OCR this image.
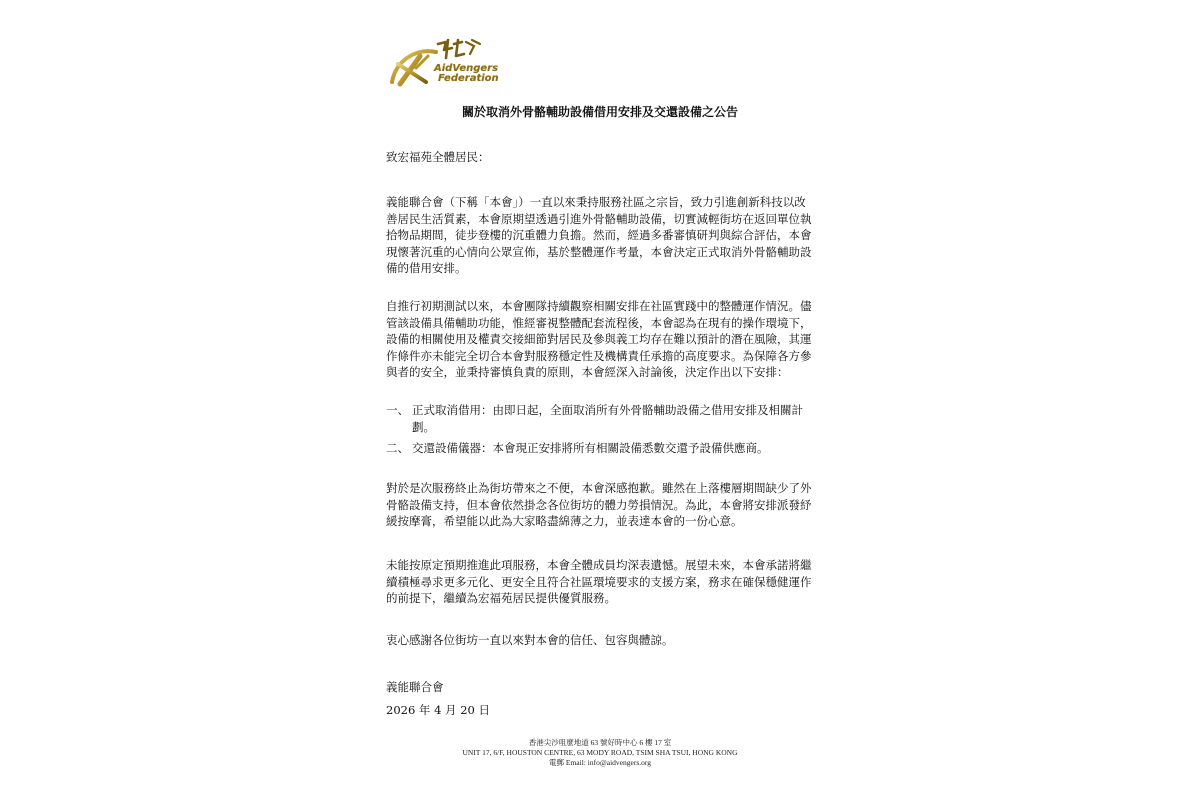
AidVengers
Federation
關於取消外骨骼輔助設備借用安排及交還設備之公告
致宏福苑全體居民：
義能聯合會（下稱「本會」）一直以來秉持服務社區之宗旨，致力引進創新科技以改善居民生活質素，本會原期望透過引進外骨骼輔助設備，切實減輕街坊在返回單位執拾物品期間，徒步登樓的沉重體力負擔。然而，經過多番審慎研判與綜合評估，本會現懷著沉重的心情向公眾宣佈，基於整體運作考量，本會決定正式取消外骨骼輔助設備的借用安排。
自推行初期測試以來，本會團隊持續觀察相關安排在社區實踐中的整體運作情況。儘管該設備具備輔助功能，惟經審視整體配套流程後，本會認為在現有的操作環境下，設備的相關使用及權責交接細節對居民及參與義工均存在難以預計的潛在風險，其運作條件亦未能完全切合本會對服務穩定性及機構責任承擔的高度要求。為保障各方參與者的安全，並秉持審慎負責的原則，本會經深入討論後，決定作出以下安排：
一、 正式取消借用：由即日起，全面取消所有外骨骼輔助設備之借用安排及相關計劃。
二、 交還設備儀器：本會現正安排將所有相關設備悉數交還予設備供應商。
對於是次服務終止為街坊帶來之不便，本會深感抱歉。雖然在上落樓層期間缺少了外骨骼設備支持，但本會依然掛念各位街坊的體力勞損情況。為此，本會將安排派發紓緩按摩膏，希望能以此為大家略盡綿薄之力，並表達本會的一份心意。
未能按原定預期推進此項服務，本會全體成員均深表遺憾。展望未來，本會承諾將繼續積極尋求更多元化、更安全且符合社區環境要求的支援方案，務求在確保穩健運作的前提下，繼續為宏福苑居民提供優質服務。
衷心感謝各位街坊一直以來對本會的信任、包容與體諒。
義能聯合會
2026 年 4 月 20 日
香港尖沙咀麼地道 63 號好時中心 6 樓 17 室
UNIT 17, 6/F, HOUSTON CENTRE, 63 MODY ROAD, TSIM SHA TSUI, HONG KONG
電郵 Email: info@aidvengers.org
